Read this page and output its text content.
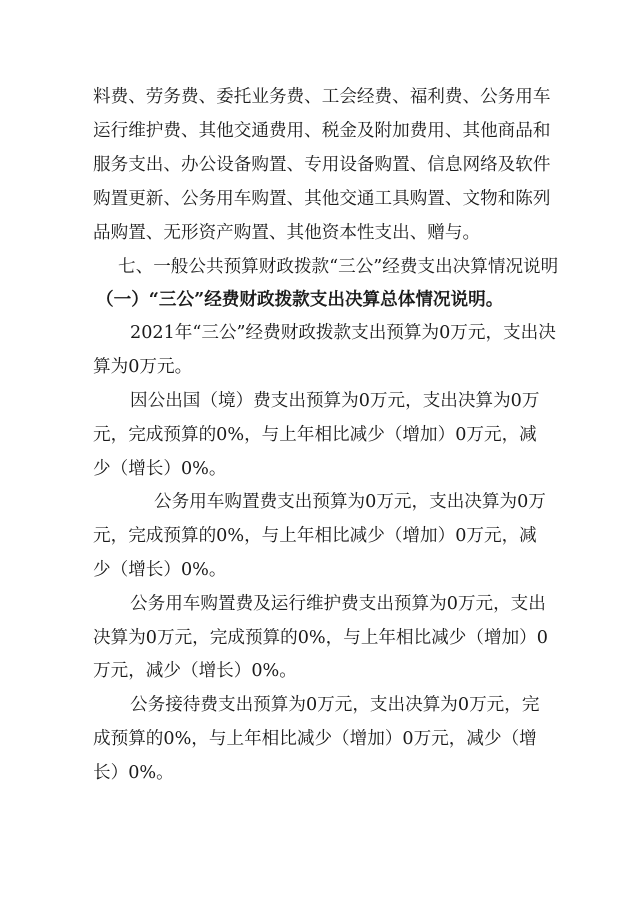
料费、劳务费、委托业务费、工会经费、福利费、公务用车
运行维护费、其他交通费用、税金及附加费用、其他商品和
服务支出、办公设备购置、专用设备购置、信息网络及软件
购置更新、公务用车购置、其他交通工具购置、文物和陈列
品购置、无形资产购置、其他资本性支出、赠与。
七、一般公共预算财政拨款“三公”经费支出决算情况说明
（一）“三公”经费财政拨款支出决算总体情况说明。
2021年“三公”经费财政拨款支出预算为0万元，支出决
算为0万元。
因公出国（境）费支出预算为0万元，支出决算为0万
元，完成预算的0%，与上年相比减少（增加）0万元，减
少（增长）0%。
公务用车购置费支出预算为0万元，支出决算为0万
元，完成预算的0%，与上年相比减少（增加）0万元，减
少（增长）0%。
公务用车购置费及运行维护费支出预算为0万元，支出
决算为0万元，完成预算的0%，与上年相比减少（增加）0
万元，减少（增长）0%。
公务接待费支出预算为0万元，支出决算为0万元，完
成预算的0%，与上年相比减少（增加）0万元，减少（增
长）0%。
